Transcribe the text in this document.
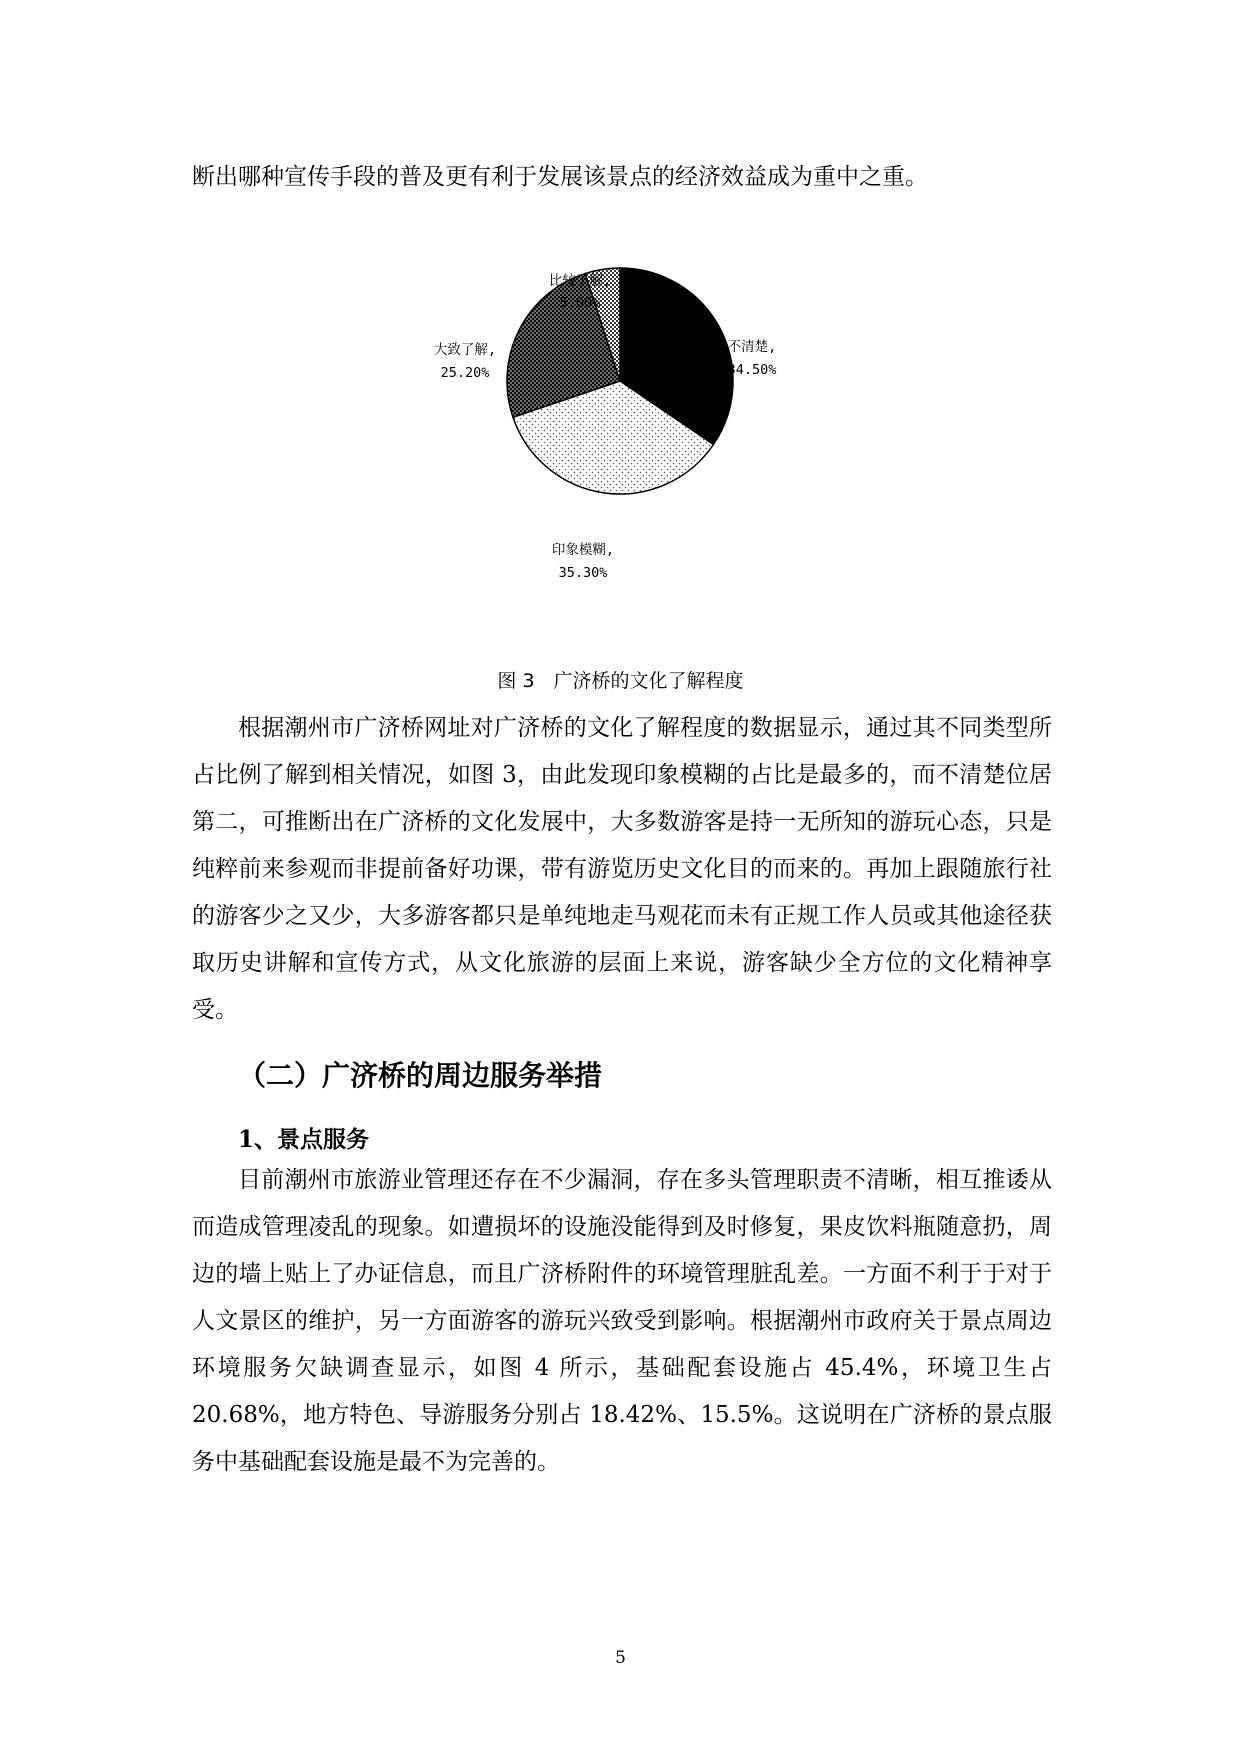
断出哪种宣传手段的普及更有利于发展该景点的经济效益成为重中之重。

不清楚,
34.50%
印象模糊,
35.30%
大致了解,
25.20%
比较了解,
5.00%
图 3　广济桥的文化了解程度

根据潮州市广济桥网址对广济桥的文化了解程度的数据显示，通过其不同类型所占比例了解到相关情况，如图 3，由此发现印象模糊的占比是最多的，而不清楚位居第二，可推断出在广济桥的文化发展中，大多数游客是持一无所知的游玩心态，只是纯粹前来参观而非提前备好功课，带有游览历史文化目的而来的。再加上跟随旅行社的游客少之又少，大多游客都只是单纯地走马观花而未有正规工作人员或其他途径获取历史讲解和宣传方式，从文化旅游的层面上来说，游客缺少全方位的文化精神享受。

（二）广济桥的周边服务举措
1、景点服务

目前潮州市旅游业管理还存在不少漏洞，存在多头管理职责不清晰，相互推诿从而造成管理凌乱的现象。如遭损坏的设施没能得到及时修复，果皮饮料瓶随意扔，周边的墙上贴上了办证信息，而且广济桥附件的环境管理脏乱差。一方面不利于于对于人文景区的维护，另一方面游客的游玩兴致受到影响。根据潮州市政府关于景点周边环境服务欠缺调查显示，如图 4 所示，基础配套设施占 45.4%，环境卫生占 20.68%，地方特色、导游服务分别占 18.42%、15.5%。这说明在广济桥的景点服务中基础配套设施是最不为完善的。

5
